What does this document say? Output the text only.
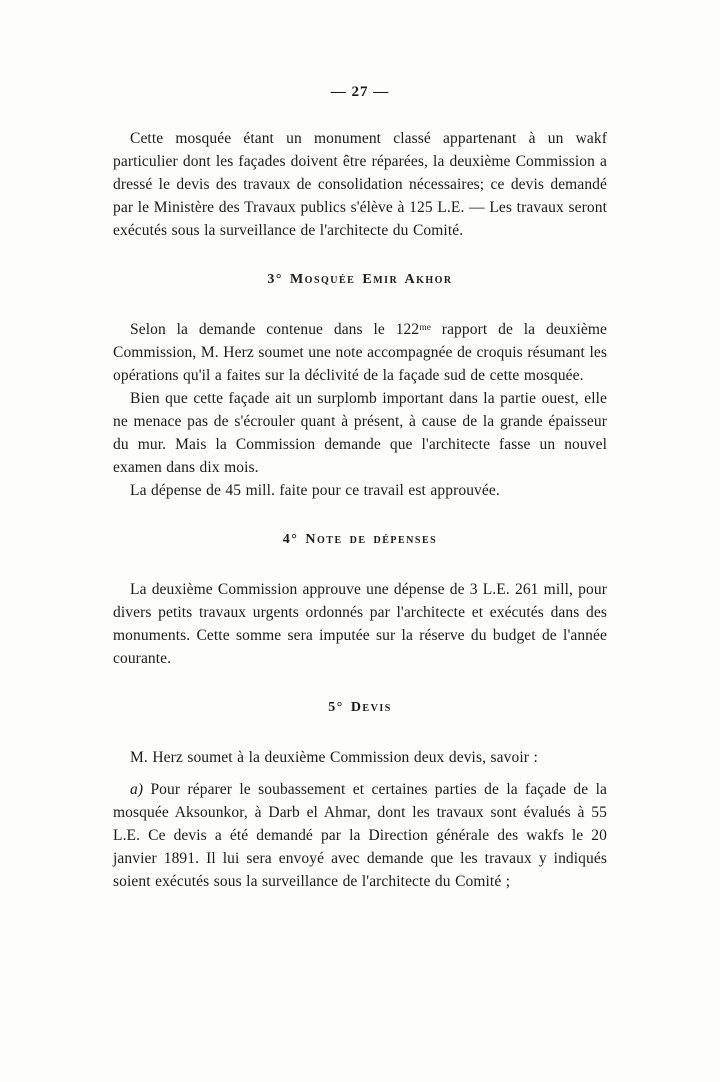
— 27 —

Cette mosquée étant un monument classé appartenant à un wakf particulier dont les façades doivent être réparées, la deuxième Commission a dressé le devis des travaux de consolidation nécessaires; ce devis demandé par le Ministère des Travaux publics s'élève à 125 L.E. — Les travaux seront exécutés sous la surveillance de l'architecte du Comité.

3° Mosquée Emir Akhor

Selon la demande contenue dans le 122ᵐᵉ rapport de la deuxième Commission, M. Herz soumet une note accompagnée de croquis résumant les opérations qu'il a faites sur la déclivité de la façade sud de cette mosquée.

Bien que cette façade ait un surplomb important dans la partie ouest, elle ne menace pas de s'écrouler quant à présent, à cause de la grande épaisseur du mur. Mais la Commission demande que l'architecte fasse un nouvel examen dans dix mois.

La dépense de 45 mill. faite pour ce travail est approuvée.

4° Note de dépenses

La deuxième Commission approuve une dépense de 3 L.E. 261 mill, pour divers petits travaux urgents ordonnés par l'architecte et exécutés dans des monuments. Cette somme sera imputée sur la réserve du budget de l'année courante.

5° Devis

M. Herz soumet à la deuxième Commission deux devis, savoir :

a) Pour réparer le soubassement et certaines parties de la façade de la mosquée Aksounkor, à Darb el Ahmar, dont les travaux sont évalués à 55 L.E. Ce devis a été demandé par la Direction générale des wakfs le 20 janvier 1891. Il lui sera envoyé avec demande que les travaux y indiqués soient exécutés sous la surveillance de l'architecte du Comité ;
